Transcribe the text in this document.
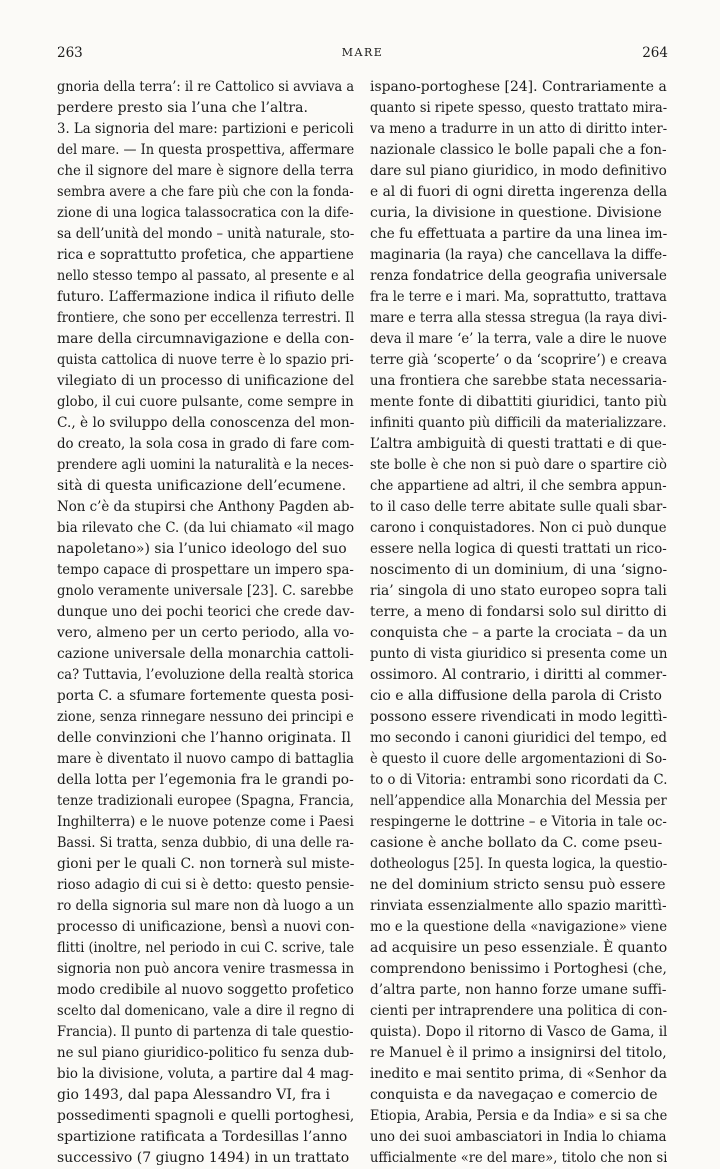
263	MARE	264
gnoria della terra’: il re Cattolico si avviava a
perdere presto sia l’una che l’altra.
3. La signoria del mare: partizioni e pericoli
del mare. — In questa prospettiva, affermare
che il signore del mare è signore della terra
sembra avere a che fare più che con la fonda-
zione di una logica talassocratica con la dife-
sa dell’unità del mondo – unità naturale, sto-
rica e soprattutto profetica, che appartiene
nello stesso tempo al passato, al presente e al
futuro. L’affermazione indica il rifiuto delle
frontiere, che sono per eccellenza terrestri. Il
mare della circumnavigazione e della con-
quista cattolica di nuove terre è lo spazio pri-
vilegiato di un processo di unificazione del
globo, il cui cuore pulsante, come sempre in
C., è lo sviluppo della conoscenza del mon-
do creato, la sola cosa in grado di fare com-
prendere agli uomini la naturalità e la neces-
sità di questa unificazione dell’ecumene.
Non c’è da stupirsi che Anthony Pagden ab-
bia rilevato che C. (da lui chiamato «il mago
napoletano») sia l’unico ideologo del suo
tempo capace di prospettare un impero spa-
gnolo veramente universale [23]. C. sarebbe
dunque uno dei pochi teorici che crede dav-
vero, almeno per un certo periodo, alla vo-
cazione universale della monarchia cattoli-
ca? Tuttavia, l’evoluzione della realtà storica
porta C. a sfumare fortemente questa posi-
zione, senza rinnegare nessuno dei principi e
delle convinzioni che l’hanno originata. Il
mare è diventato il nuovo campo di battaglia
della lotta per l’egemonia fra le grandi po-
tenze tradizionali europee (Spagna, Francia,
Inghilterra) e le nuove potenze come i Paesi
Bassi. Si tratta, senza dubbio, di una delle ra-
gioni per le quali C. non tornerà sul miste-
rioso adagio di cui si è detto: questo pensie-
ro della signoria sul mare non dà luogo a un
processo di unificazione, bensì a nuovi con-
flitti (inoltre, nel periodo in cui C. scrive, tale
signoria non può ancora venire trasmessa in
modo credibile al nuovo soggetto profetico
scelto dal domenicano, vale a dire il regno di
Francia). Il punto di partenza di tale questio-
ne sul piano giuridico-politico fu senza dub-
bio la divisione, voluta, a partire dal 4 mag-
gio 1493, dal papa Alessandro VI, fra i
possedimenti spagnoli e quelli portoghesi,
spartizione ratificata a Tordesillas l’anno
successivo (7 giugno 1494) in un trattato
ispano-portoghese [24]. Contrariamente a
quanto si ripete spesso, questo trattato mira-
va meno a tradurre in un atto di diritto inter-
nazionale classico le bolle papali che a fon-
dare sul piano giuridico, in modo definitivo
e al di fuori di ogni diretta ingerenza della
curia, la divisione in questione. Divisione
che fu effettuata a partire da una linea im-
maginaria (la raya) che cancellava la diffe-
renza fondatrice della geografia universale
fra le terre e i mari. Ma, soprattutto, trattava
mare e terra alla stessa stregua (la raya divi-
deva il mare ‘e’ la terra, vale a dire le nuove
terre già ‘scoperte’ o da ‘scoprire’) e creava
una frontiera che sarebbe stata necessaria-
mente fonte di dibattiti giuridici, tanto più
infiniti quanto più difficili da materializzare.
L’altra ambiguità di questi trattati e di que-
ste bolle è che non si può dare o spartire ciò
che appartiene ad altri, il che sembra appun-
to il caso delle terre abitate sulle quali sbar-
carono i conquistadores. Non ci può dunque
essere nella logica di questi trattati un rico-
noscimento di un dominium, di una ‘signo-
ria’ singola di uno stato europeo sopra tali
terre, a meno di fondarsi solo sul diritto di
conquista che – a parte la crociata – da un
punto di vista giuridico si presenta come un
ossimoro. Al contrario, i diritti al commer-
cio e alla diffusione della parola di Cristo
possono essere rivendicati in modo legittì-
mo secondo i canoni giuridici del tempo, ed
è questo il cuore delle argomentazioni di So-
to o di Vitoria: entrambi sono ricordati da C.
nell’appendice alla Monarchia del Messia per
respingerne le dottrine – e Vitoria in tale oc-
casione è anche bollato da C. come pseu-
dotheologus [25]. In questa logica, la questio-
ne del dominium stricto sensu può essere
rinviata essenzialmente allo spazio marittì-
mo e la questione della «navigazione» viene
ad acquisire un peso essenziale. È quanto
comprendono benissimo i Portoghesi (che,
d’altra parte, non hanno forze umane suffi-
cienti per intraprendere una politica di con-
quista). Dopo il ritorno di Vasco de Gama, il
re Manuel è il primo a insignirsi del titolo,
inedito e mai sentito prima, di «Senhor da
conquista e da navegaçao e comercio de
Etiopia, Arabia, Persia e da India» e si sa che
uno dei suoi ambasciatori in India lo chiama
ufficialmente «re del mare», titolo che non si
